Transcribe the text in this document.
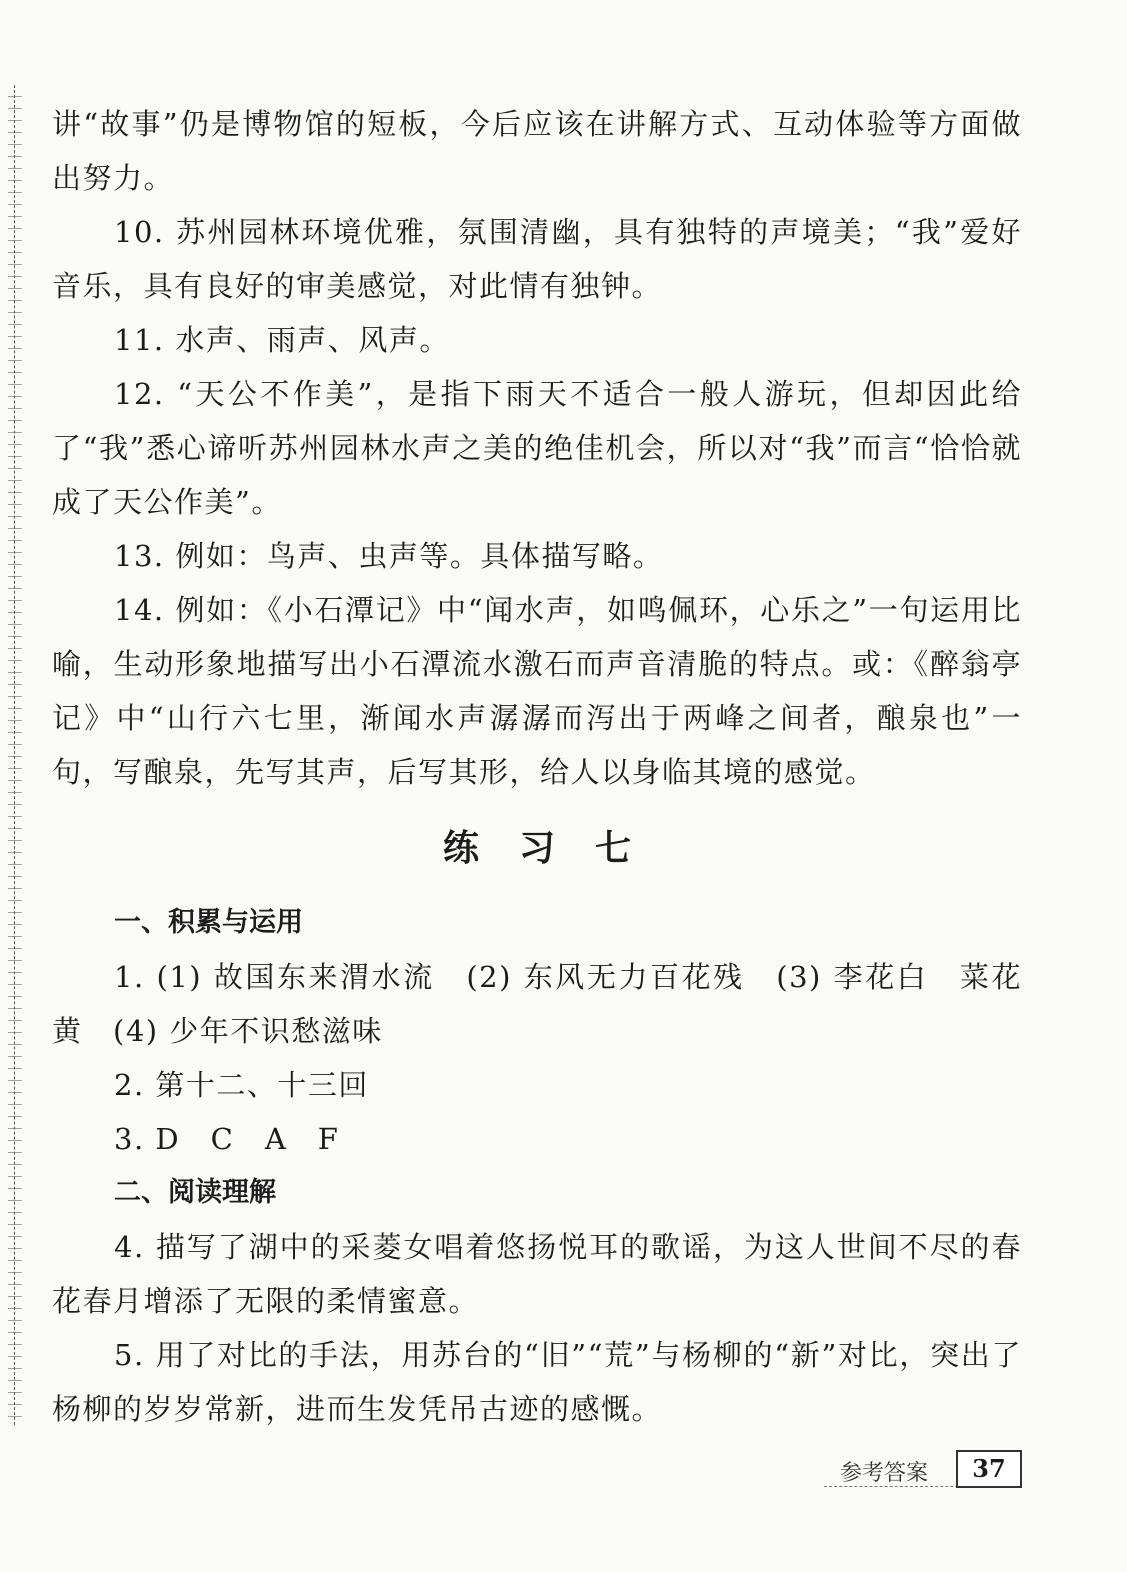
讲“故事”仍是博物馆的短板，今后应该在讲解方式、互动体验等方面做出努力。

10. 苏州园林环境优雅，氛围清幽，具有独特的声境美；“我”爱好音乐，具有良好的审美感觉，对此情有独钟。

11. 水声、雨声、风声。

12. “天公不作美”，是指下雨天不适合一般人游玩，但却因此给了“我”悉心谛听苏州园林水声之美的绝佳机会，所以对“我”而言“恰恰就成了天公作美”。

13. 例如：鸟声、虫声等。具体描写略。

14. 例如：《小石潭记》中“闻水声，如鸣佩环，心乐之”一句运用比喻，生动形象地描写出小石潭流水激石而声音清脆的特点。或：《醉翁亭记》中“山行六七里，渐闻水声潺潺而泻出于两峰之间者，酿泉也”一句，写酿泉，先写其声，后写其形，给人以身临其境的感觉。

练习七
一、积累与运用

1. (1) 故国东来渭水流　(2) 东风无力百花残　(3) 李花白　菜花黄　(4) 少年不识愁滋味

2. 第十二、十三回

3. D　C　A　F

二、阅读理解

4. 描写了湖中的采菱女唱着悠扬悦耳的歌谣，为这人世间不尽的春花春月增添了无限的柔情蜜意。

5. 用了对比的手法，用苏台的“旧”“荒”与杨柳的“新”对比，突出了杨柳的岁岁常新，进而生发凭吊古迹的感慨。

参考答案	37
